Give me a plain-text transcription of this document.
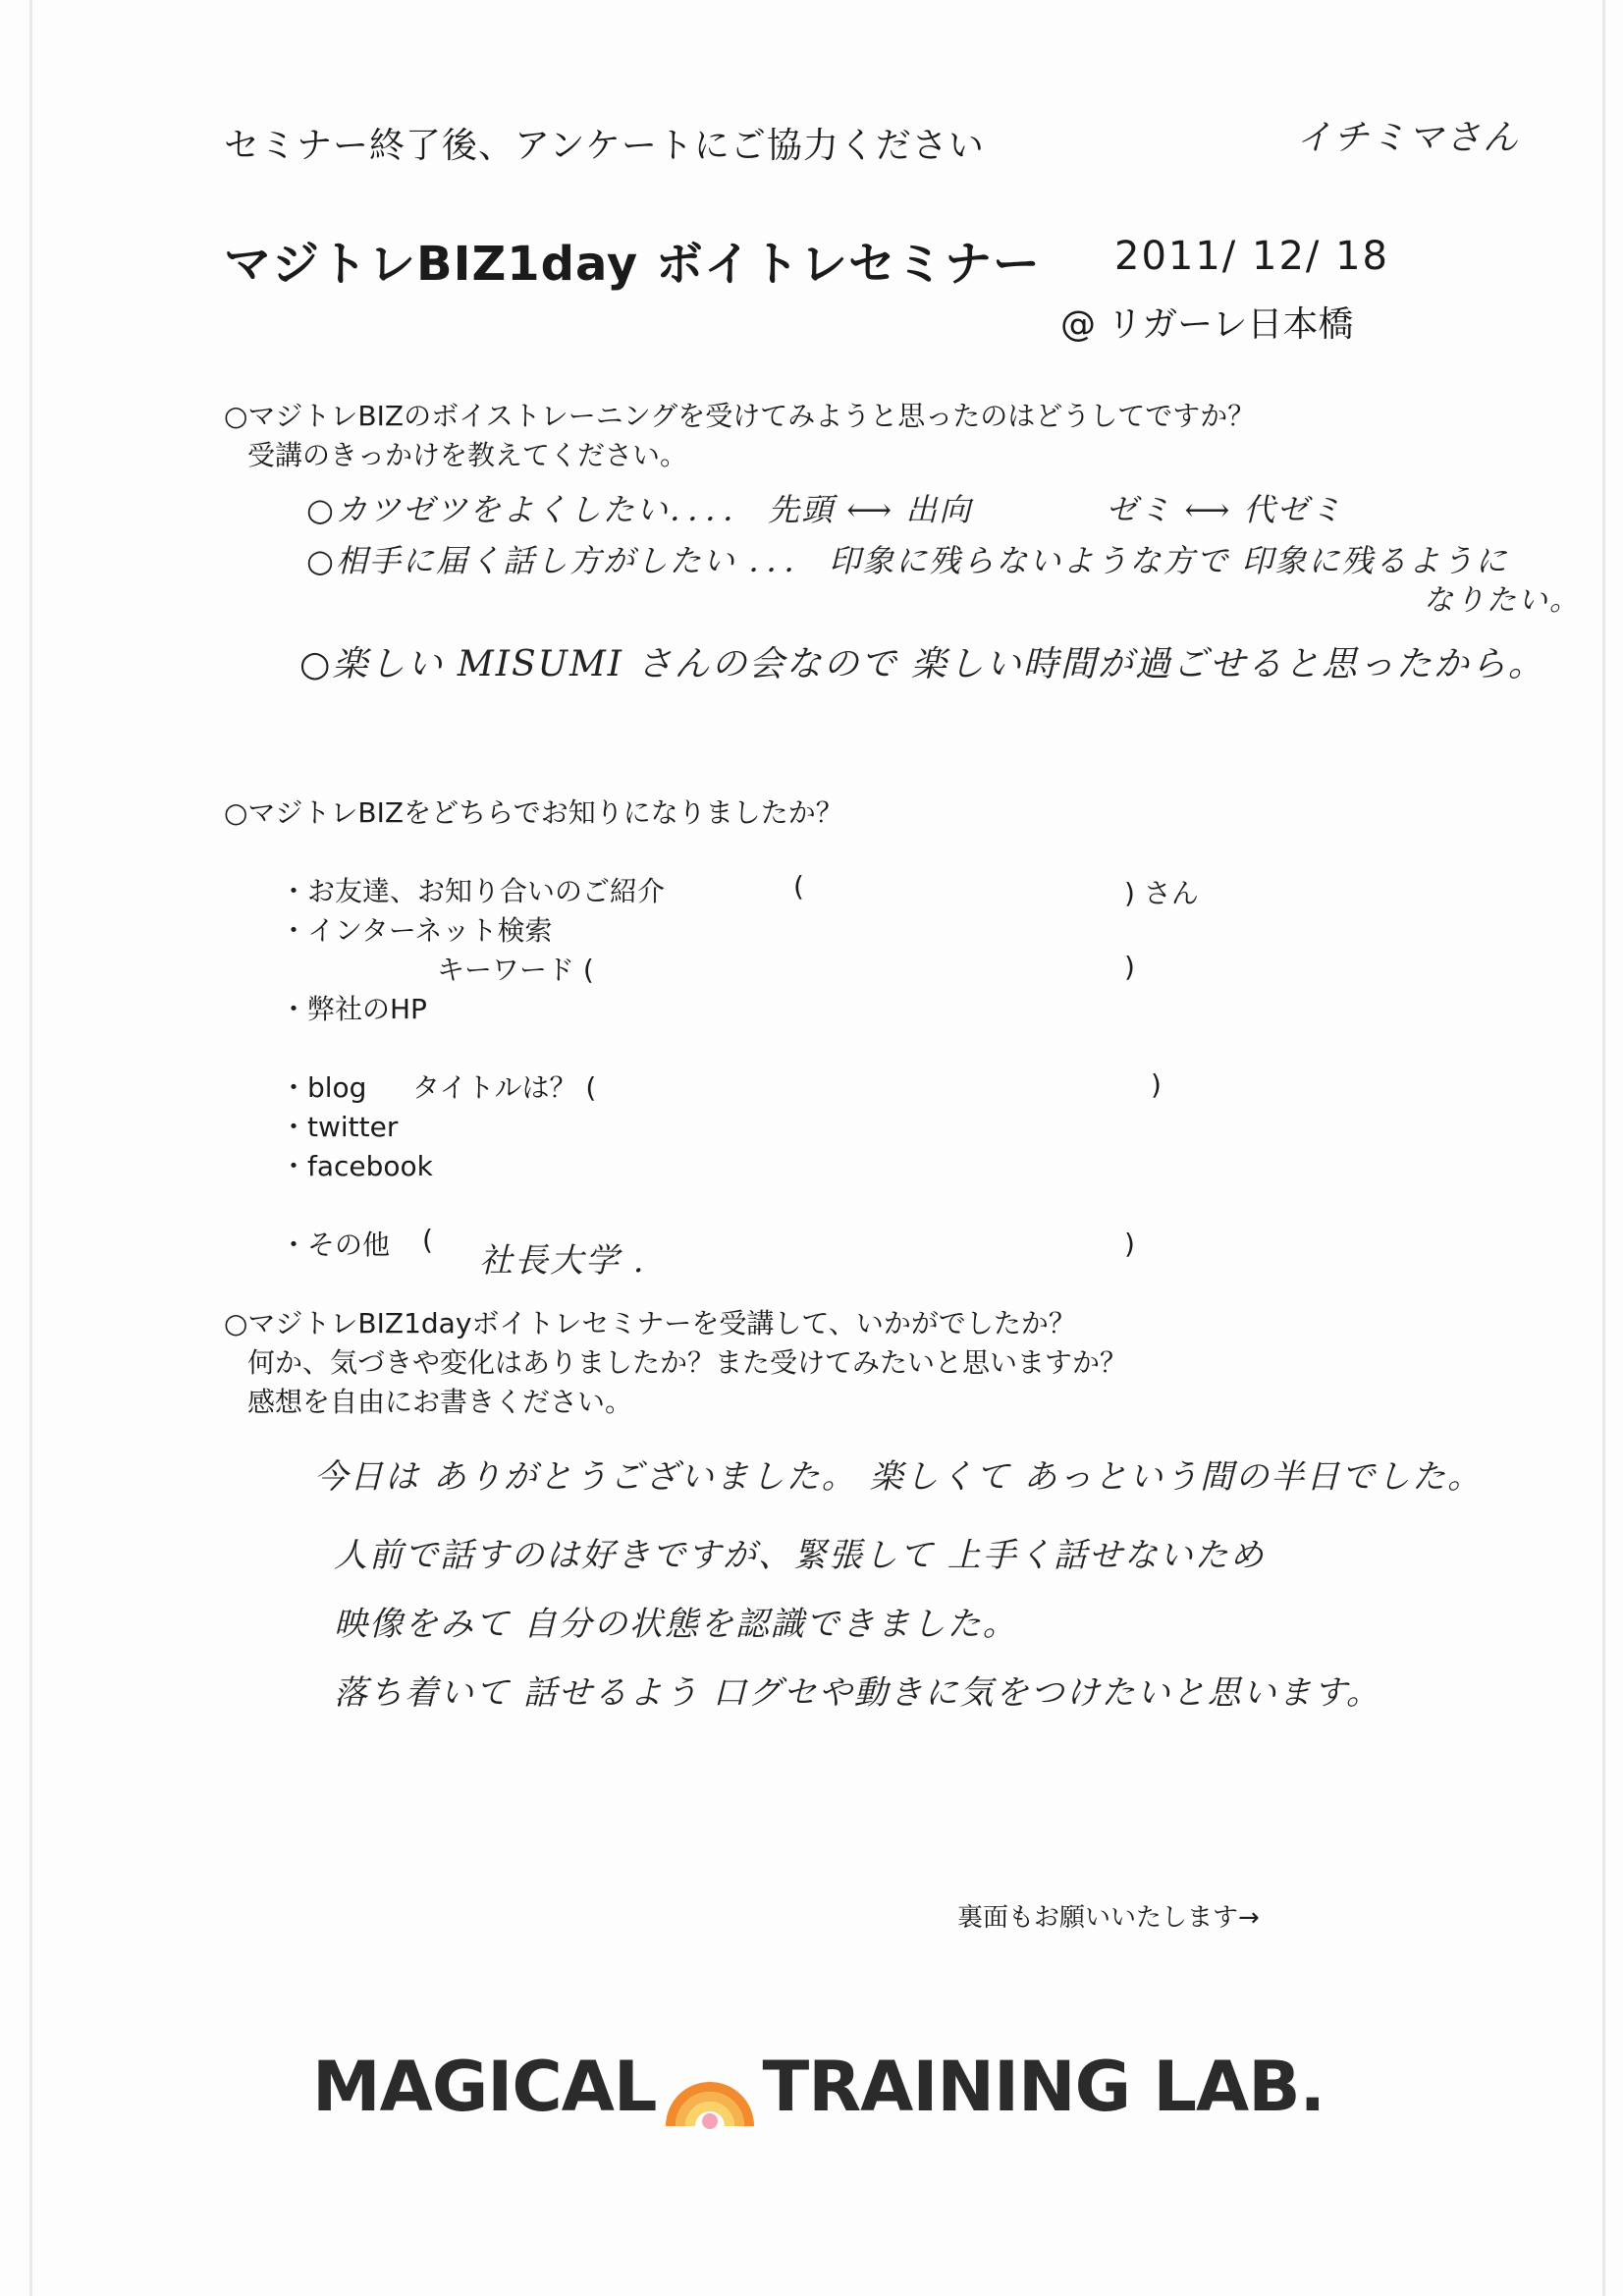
セミナー終了後、アンケートにご協力ください	イチミマさん
マジトレBIZ1day ボイトレセミナー 2011/ 12/ 18
@ リガーレ日本橋
○マジトレBIZのボイストレーニングを受けてみようと思ったのはどうしてですか？
受講のきっかけを教えてください。
○カツゼツをよくしたい．．．． 先頭 ⟷ 出向　　　　ゼミ ⟷ 代ゼミ
○相手に届く話し方がしたい ．．． 印象に残らないような方で 印象に残るように
なりたい。
○楽しい MISUMI さんの会なので 楽しい時間が過ごせると思ったから。
○マジトレBIZをどちらでお知りになりましたか？
・お友達、お知り合いのご紹介	(	) さん
・インターネット検索
キーワード (	)
・弊社のHP
・blog タイトルは？ (	)
・twitter
・facebook
・その他 (
社長大学 .	)
○マジトレBIZ1dayボイトレセミナーを受講して、いかがでしたか？
何か、気づきや変化はありましたか？また受けてみたいと思いますか？
感想を自由にお書きください。
今日は ありがとうございました。 楽しくて あっという間の半日でした。
人前で話すのは好きですが、緊張して 上手く話せないため
映像をみて 自分の状態を認識できました。
落ち着いて 話せるよう 口グセや動きに気をつけたいと思います。
裏面もお願いいたします→
MAGICAL TRAINING LAB.
